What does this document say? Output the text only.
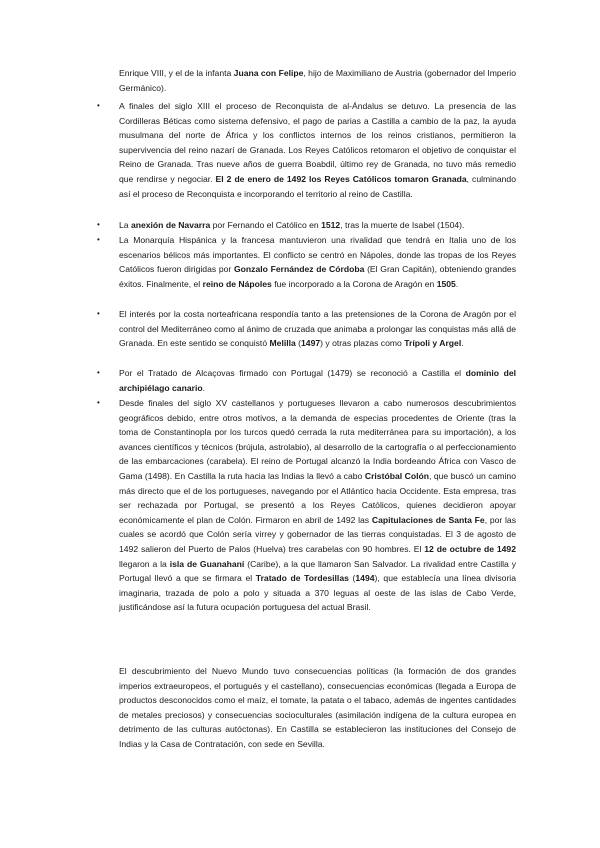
Enrique VIII, y el de la infanta Juana con Felipe, hijo de Maximiliano de Austria (gobernador del Imperio Germánico).

•	A finales del siglo XIII el proceso de Reconquista de al-Ándalus se detuvo. La presencia de las Cordilleras Béticas como sistema defensivo, el pago de parias a Castilla a cambio de la paz, la ayuda musulmana del norte de África y los conflictos internos de los reinos cristianos, permitieron la supervivencia del reino nazarí de Granada. Los Reyes Católicos retomaron el objetivo de conquistar el Reino de Granada. Tras nueve años de guerra Boabdil, último rey de Granada, no tuvo más remedio que rendirse y negociar. El 2 de enero de 1492 los Reyes Católicos tomaron Granada, culminando así el proceso de Reconquista e incorporando el territorio al reino de Castilla.

•	La anexión de Navarra por Fernando el Católico en 1512, tras la muerte de Isabel (1504).

•	La Monarquía Hispánica y la francesa mantuvieron una rivalidad que tendrá en Italia uno de los escenarios bélicos más importantes. El conflicto se centró en Nápoles, donde las tropas de los Reyes Católicos fueron dirigidas por Gonzalo Fernández de Córdoba (El Gran Capitán), obteniendo grandes éxitos. Finalmente, el reino de Nápoles fue incorporado a la Corona de Aragón en 1505.

•	El interés por la costa norteafricana respondía tanto a las pretensiones de la Corona de Aragón por el control del Mediterráneo como al ánimo de cruzada que animaba a prolongar las conquistas más allá de Granada. En este sentido se conquistó Melilla (1497) y otras plazas como Trípoli y Argel.

•	Por el Tratado de Alcaçovas firmado con Portugal (1479) se reconoció a Castilla el dominio del archipiélago canario.

•	Desde finales del siglo XV castellanos y portugueses llevaron a cabo numerosos descubrimientos geográficos debido, entre otros motivos, a la demanda de especias procedentes de Oriente (tras la toma de Constantinopla por los turcos quedó cerrada la ruta mediterránea para su importación), a los avances científicos y técnicos (brújula, astrolabio), al desarrollo de la cartografía o al perfeccionamiento de las embarcaciones (carabela). El reino de Portugal alcanzó la India bordeando África con Vasco de Gama (1498). En Castilla la ruta hacia las Indias la llevó a cabo Cristóbal Colón, que buscó un camino más directo que el de los portugueses, navegando por el Atlántico hacia Occidente. Esta empresa, tras ser rechazada por Portugal, se presentó a los Reyes Católicos, quienes decidieron apoyar económicamente el plan de Colón. Firmaron en abril de 1492 las Capitulaciones de Santa Fe, por las cuales se acordó que Colón sería virrey y gobernador de las tierras conquistadas. El 3 de agosto de 1492 salieron del Puerto de Palos (Huelva) tres carabelas con 90 hombres. El 12 de octubre de 1492 llegaron a la isla de Guanahaní (Caribe), a la que llamaron San Salvador. La rivalidad entre Castilla y Portugal llevó a que se firmara el Tratado de Tordesillas (1494), que establecía una línea divisoria imaginaria, trazada de polo a polo y situada a 370 leguas al oeste de las islas de Cabo Verde, justificándose así la futura ocupación portuguesa del actual Brasil.

El descubrimiento del Nuevo Mundo tuvo consecuencias políticas (la formación de dos grandes imperios extraeuropeos, el portugués y el castellano), consecuencias económicas (llegada a Europa de productos desconocidos como el maíz, el tomate, la patata o el tabaco, además de ingentes cantidades de metales preciosos) y consecuencias socioculturales (asimilación indígena de la cultura europea en detrimento de las culturas autóctonas). En Castilla se establecieron las instituciones del Consejo de Indias y la Casa de Contratación, con sede en Sevilla.
